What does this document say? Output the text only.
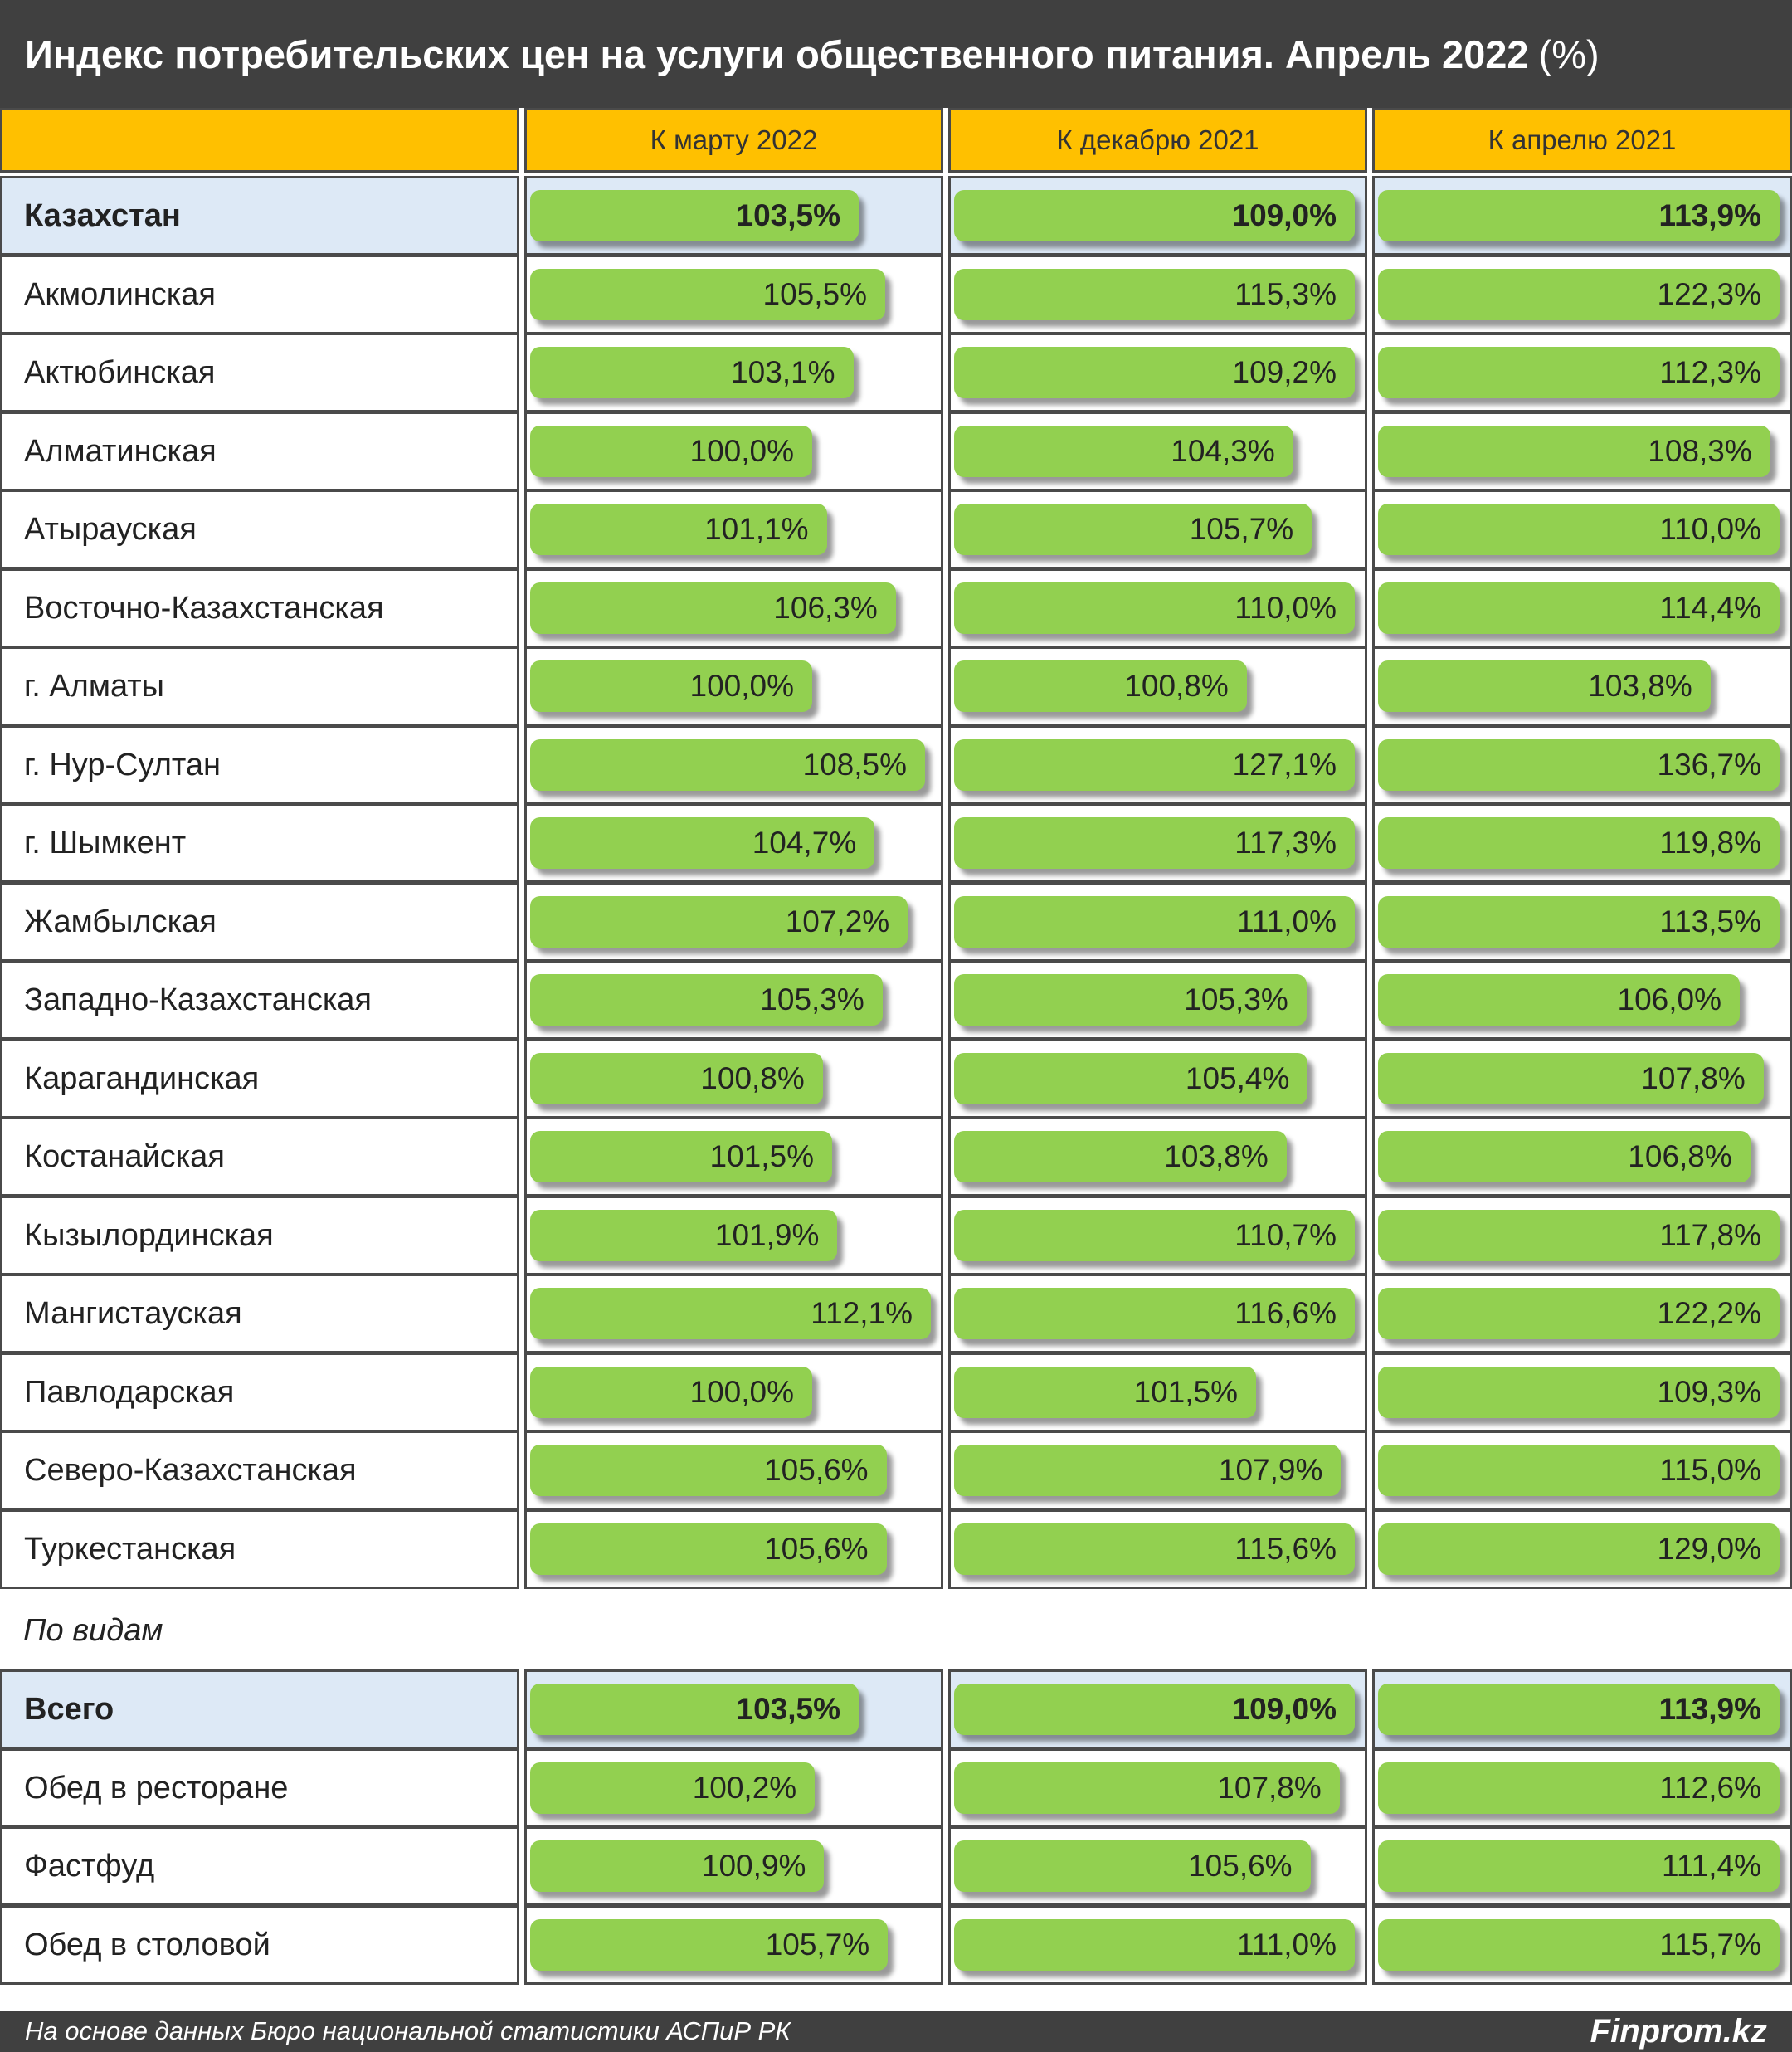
Индекс потребительских цен на услуги общественного питания. Апрель 2022 (%)
К марту 2022	К декабрю 2021	К апрелю 2021
Казахстан	103,5%	109,0%	113,9%
Акмолинская	105,5%	115,3%	122,3%
Актюбинская	103,1%	109,2%	112,3%
Алматинская	100,0%	104,3%	108,3%
Атырауская	101,1%	105,7%	110,0%
Восточно-Казахстанская	106,3%	110,0%	114,4%
г. Алматы	100,0%	100,8%	103,8%
г. Нур-Султан	108,5%	127,1%	136,7%
г. Шымкент	104,7%	117,3%	119,8%
Жамбылская	107,2%	111,0%	113,5%
Западно-Казахстанская	105,3%	105,3%	106,0%
Карагандинская	100,8%	105,4%	107,8%
Костанайская	101,5%	103,8%	106,8%
Кызылординская	101,9%	110,7%	117,8%
Мангистауская	112,1%	116,6%	122,2%
Павлодарская	100,0%	101,5%	109,3%
Северо-Казахстанская	105,6%	107,9%	115,0%
Туркестанская	105,6%	115,6%	129,0%
Всего	103,5%	109,0%	113,9%
Обед в ресторане	100,2%	107,8%	112,6%
Фастфуд	100,9%	105,6%	111,4%
Обед в столовой	105,7%	111,0%	115,7%
По видам
На основе данных Бюро национальной статистики АСПиР РК	Finprom.kz
